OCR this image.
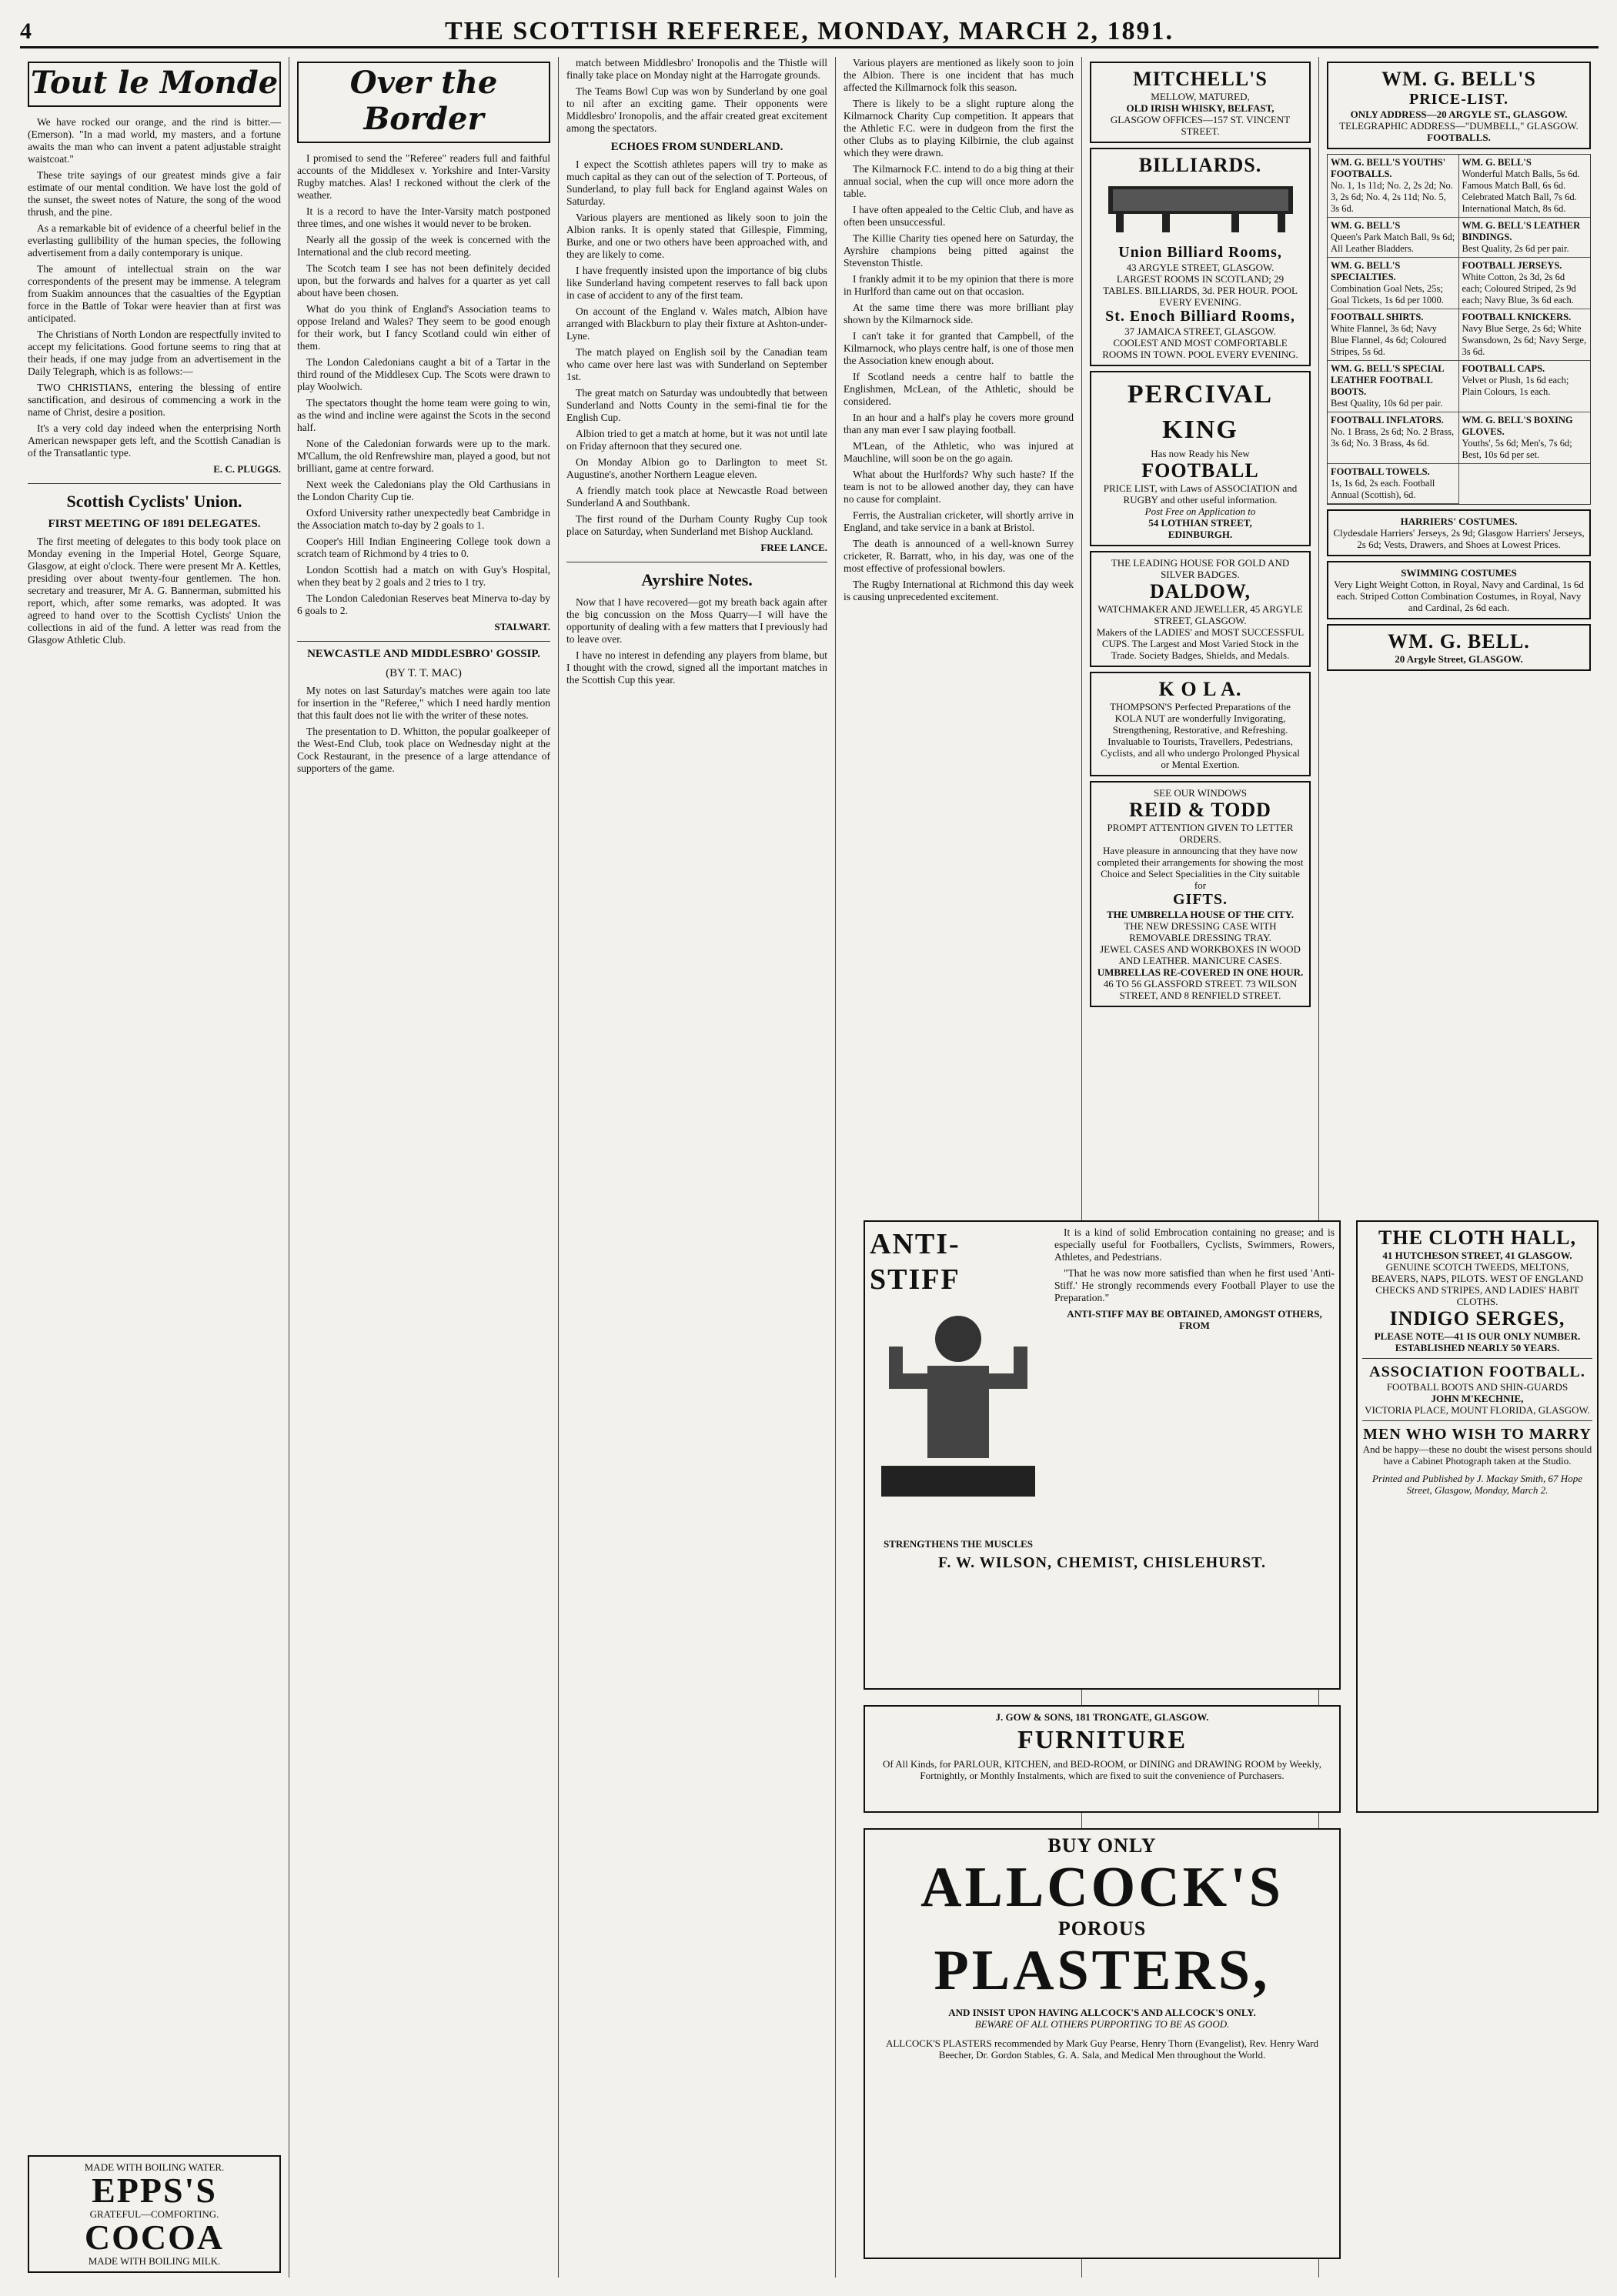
4	THE SCOTTISH REFEREE, MONDAY, MARCH 2, 1891.
Tout le Monde

We have rocked our orange, and the rind is bitter.—(Emerson). "In a mad world, my masters, and a fortune awaits the man who can invent a patent adjustable straight waistcoat."

These trite sayings of our greatest minds give a fair estimate of our mental condition. We have lost the gold of the sunset, the sweet notes of Nature, the song of the wood thrush, and the pine.

As a remarkable bit of evidence of a cheerful belief in the everlasting gullibility of the human species, the following advertisement from a daily contemporary is unique.

The amount of intellectual strain on the war correspondents of the present may be immense. A telegram from Suakim announces that the casualties of the Egyptian force in the Battle of Tokar were heavier than at first was anticipated.

The Christians of North London are respectfully invited to accept my felicitations. Good fortune seems to ring that at their heads, if one may judge from an advertisement in the Daily Telegraph, which is as follows:—

TWO CHRISTIANS, entering the blessing of entire sanctification, and desirous of commencing a work in the name of Christ, desire a position.

It's a very cold day indeed when the enterprising North American newspaper gets left, and the Scottish Canadian is of the Transatlantic type.

E. C. PLUGGS.
Scottish Cyclists' Union.
FIRST MEETING OF 1891 DELEGATES.

The first meeting of delegates to this body took place on Monday evening in the Imperial Hotel, George Square, Glasgow, at eight o'clock. There were present Mr A. Kettles, presiding over about twenty-four gentlemen. The hon. secretary and treasurer, Mr A. G. Bannerman, submitted his report, which, after some remarks, was adopted. It was agreed to hand over to the Scottish Cyclists' Union the collections in aid of the fund. A letter was read from the Glasgow Athletic Club.

MADE WITH BOILING WATER.
EPPS'S
GRATEFUL—COMFORTING.
COCOA
MADE WITH BOILING MILK.
Over the Border

I promised to send the "Referee" readers full and faithful accounts of the Middlesex v. Yorkshire and Inter-Varsity Rugby matches. Alas! I reckoned without the clerk of the weather.

It is a record to have the Inter-Varsity match postponed three times, and one wishes it would never to be broken.

Nearly all the gossip of the week is concerned with the International and the club record meeting.

The Scotch team I see has not been definitely decided upon, but the forwards and halves for a quarter as yet call about have been chosen.

What do you think of England's Association teams to oppose Ireland and Wales? They seem to be good enough for their work, but I fancy Scotland could win either of them.

The London Caledonians caught a bit of a Tartar in the third round of the Middlesex Cup. The Scots were drawn to play Woolwich.

The spectators thought the home team were going to win, as the wind and incline were against the Scots in the second half.

None of the Caledonian forwards were up to the mark. M'Callum, the old Renfrewshire man, played a good, but not brilliant, game at centre forward.

Next week the Caledonians play the Old Carthusians in the London Charity Cup tie.

Oxford University rather unexpectedly beat Cambridge in the Association match to-day by 2 goals to 1.

Cooper's Hill Indian Engineering College took down a scratch team of Richmond by 4 tries to 0.

London Scottish had a match on with Guy's Hospital, when they beat by 2 goals and 2 tries to 1 try.

The London Caledonian Reserves beat Minerva to-day by 6 goals to 2.

STALWART.
NEWCASTLE AND MIDDLESBRO' GOSSIP.
(BY T. T. MAC)

My notes on last Saturday's matches were again too late for insertion in the "Referee," which I need hardly mention that this fault does not lie with the writer of these notes.

The presentation to D. Whitton, the popular goalkeeper of the West-End Club, took place on Wednesday night at the Cock Restaurant, in the presence of a large attendance of supporters of the game.

match between Middlesbro' Ironopolis and the Thistle will finally take place on Monday night at the Harrogate grounds.

The Teams Bowl Cup was won by Sunderland by one goal to nil after an exciting game. Their opponents were Middlesbro' Ironopolis, and the affair created great excitement among the spectators.

ECHOES FROM SUNDERLAND.

I expect the Scottish athletes papers will try to make as much capital as they can out of the selection of T. Porteous, of Sunderland, to play full back for England against Wales on Saturday.

Various players are mentioned as likely soon to join the Albion ranks. It is openly stated that Gillespie, Fimming, Burke, and one or two others have been approached with, and they are likely to come.

I have frequently insisted upon the importance of big clubs like Sunderland having competent reserves to fall back upon in case of accident to any of the first team.

On account of the England v. Wales match, Albion have arranged with Blackburn to play their fixture at Ashton-under-Lyne.

The match played on English soil by the Canadian team who came over here last was with Sunderland on September 1st.

The great match on Saturday was undoubtedly that between Sunderland and Notts County in the semi-final tie for the English Cup.

Albion tried to get a match at home, but it was not until late on Friday afternoon that they secured one.

On Monday Albion go to Darlington to meet St. Augustine's, another Northern League eleven.

A friendly match took place at Newcastle Road between Sunderland A and Southbank.

The first round of the Durham County Rugby Cup took place on Saturday, when Sunderland met Bishop Auckland.

FREE LANCE.
Ayrshire Notes.

Now that I have recovered—got my breath back again after the big concussion on the Moss Quarry—I will have the opportunity of dealing with a few matters that I previously had to leave over.

I have no interest in defending any players from blame, but I thought with the crowd, signed all the important matches in the Scottish Cup this year.

Various players are mentioned as likely soon to join the Albion. There is one incident that has much affected the Killmarnock folk this season.

There is likely to be a slight rupture along the Kilmarnock Charity Cup competition. It appears that the Athletic F.C. were in dudgeon from the first the other Clubs as to playing Kilbirnie, the club against which they were drawn.

The Kilmarnock F.C. intend to do a big thing at their annual social, when the cup will once more adorn the table.

I have often appealed to the Celtic Club, and have as often been unsuccessful.

The Killie Charity ties opened here on Saturday, the Ayrshire champions being pitted against the Stevenston Thistle.

I frankly admit it to be my opinion that there is more in Hurlford than came out on that occasion.

At the same time there was more brilliant play shown by the Kilmarnock side.

I can't take it for granted that Campbell, of the Kilmarnock, who plays centre half, is one of those men the Association knew enough about.

If Scotland needs a centre half to battle the Englishmen, McLean, of the Athletic, should be considered.

In an hour and a half's play he covers more ground than any man ever I saw playing football.

M'Lean, of the Athletic, who was injured at Mauchline, will soon be on the go again.

What about the Hurlfords? Why such haste? If the team is not to be allowed another day, they can have no cause for complaint.

Ferris, the Australian cricketer, will shortly arrive in England, and take service in a bank at Bristol.

The death is announced of a well-known Surrey cricketer, R. Barratt, who, in his day, was one of the most effective of professional bowlers.

The Rugby International at Richmond this day week is causing unprecedented excitement.

MITCHELL'S
MELLOW, MATURED,
OLD IRISH WHISKY, BELFAST,
GLASGOW OFFICES—157 ST. VINCENT STREET.
BILLIARDS.
Union Billiard Rooms,
43 ARGYLE STREET, GLASGOW.
LARGEST ROOMS IN SCOTLAND; 29 TABLES. BILLIARDS, 3d. PER HOUR. POOL EVERY EVENING.
St. Enoch Billiard Rooms,
37 JAMAICA STREET, GLASGOW.
COOLEST AND MOST COMFORTABLE ROOMS IN TOWN. POOL EVERY EVENING.
PERCIVAL KING
Has now Ready his New
FOOTBALL
PRICE LIST, with Laws of ASSOCIATION and RUGBY and other useful information.
Post Free on Application to
54 LOTHIAN STREET,
EDINBURGH.
THE LEADING HOUSE FOR GOLD AND SILVER BADGES.
DALDOW,
WATCHMAKER AND JEWELLER, 45 ARGYLE STREET, GLASGOW.
Makers of the LADIES' and MOST SUCCESSFUL CUPS. The Largest and Most Varied Stock in the Trade. Society Badges, Shields, and Medals.
K O L A.
THOMPSON'S Perfected Preparations of the KOLA NUT are wonderfully Invigorating, Strengthening, Restorative, and Refreshing. Invaluable to Tourists, Travellers, Pedestrians, Cyclists, and all who undergo Prolonged Physical or Mental Exertion.
SEE OUR WINDOWS
REID & TODD
PROMPT ATTENTION GIVEN TO LETTER ORDERS.
Have pleasure in announcing that they have now completed their arrangements for showing the most Choice and Select Specialities in the City suitable for
GIFTS.
THE UMBRELLA HOUSE OF THE CITY.
THE NEW DRESSING CASE WITH REMOVABLE DRESSING TRAY.
JEWEL CASES AND WORKBOXES IN WOOD AND LEATHER. MANICURE CASES.
UMBRELLAS RE-COVERED IN ONE HOUR.
46 TO 56 GLASSFORD STREET. 73 WILSON STREET, AND 8 RENFIELD STREET.
WM. G. BELL'S
PRICE-LIST.
ONLY ADDRESS—20 ARGYLE ST., GLASGOW.
TELEGRAPHIC ADDRESS—"DUMBELL," GLASGOW.
FOOTBALLS.
WM. G. BELL'S YOUTHS' FOOTBALLS.
No. 1, 1s 11d; No. 2, 2s 2d; No. 3, 2s 6d; No. 4, 2s 11d; No. 5, 3s 6d.
WM. G. BELL'S
Wonderful Match Balls, 5s 6d. Famous Match Ball, 6s 6d. Celebrated Match Ball, 7s 6d. International Match, 8s 6d.
WM. G. BELL'S
Queen's Park Match Ball, 9s 6d; All Leather Bladders.
WM. G. BELL'S LEATHER BINDINGS.
Best Quality, 2s 6d per pair.
WM. G. BELL'S SPECIALTIES.
Combination Goal Nets, 25s; Goal Tickets, 1s 6d per 1000.
FOOTBALL JERSEYS.
White Cotton, 2s 3d, 2s 6d each; Coloured Striped, 2s 9d each; Navy Blue, 3s 6d each.
FOOTBALL SHIRTS.
White Flannel, 3s 6d; Navy Blue Flannel, 4s 6d; Coloured Stripes, 5s 6d.
FOOTBALL KNICKERS.
Navy Blue Serge, 2s 6d; White Swansdown, 2s 6d; Navy Serge, 3s 6d.
WM. G. BELL'S SPECIAL LEATHER FOOTBALL BOOTS.
Best Quality, 10s 6d per pair.
FOOTBALL CAPS.
Velvet or Plush, 1s 6d each; Plain Colours, 1s each.
FOOTBALL INFLATORS.
No. 1 Brass, 2s 6d; No. 2 Brass, 3s 6d; No. 3 Brass, 4s 6d.
WM. G. BELL'S BOXING GLOVES.
Youths', 5s 6d; Men's, 7s 6d; Best, 10s 6d per set.
FOOTBALL TOWELS.
1s, 1s 6d, 2s each. Football Annual (Scottish), 6d.
HARRIERS' COSTUMES.
Clydesdale Harriers' Jerseys, 2s 9d; Glasgow Harriers' Jerseys, 2s 6d; Vests, Drawers, and Shoes at Lowest Prices.
SWIMMING COSTUMES
Very Light Weight Cotton, in Royal, Navy and Cardinal, 1s 6d each. Striped Cotton Combination Costumes, in Royal, Navy and Cardinal, 2s 6d each.
WM. G. BELL.
20 Argyle Street, GLASGOW.
ANTI-STIFF
STRENGTHENS THE MUSCLES

It is a kind of solid Embrocation containing no grease; and is especially useful for Footballers, Cyclists, Swimmers, Rowers, Athletes, and Pedestrians.

"That he was now more satisfied than when he first used 'Anti-Stiff.' He strongly recommends every Football Player to use the Preparation."

ANTI-STIFF MAY BE OBTAINED, AMONGST OTHERS, FROM
F. W. WILSON, CHEMIST, CHISLEHURST.
J. GOW & SONS, 181 TRONGATE, GLASGOW.
FURNITURE
Of All Kinds, for PARLOUR, KITCHEN, and BED-ROOM, or DINING and DRAWING ROOM by Weekly, Fortnightly, or Monthly Instalments, which are fixed to suit the convenience of Purchasers.
BUY ONLY
ALLCOCK'S
POROUS
PLASTERS,
AND INSIST UPON HAVING ALLCOCK'S AND ALLCOCK'S ONLY.
BEWARE OF ALL OTHERS PURPORTING TO BE AS GOOD.
ALLCOCK'S PLASTERS recommended by Mark Guy Pearse, Henry Thorn (Evangelist), Rev. Henry Ward Beecher, Dr. Gordon Stables, G. A. Sala, and Medical Men throughout the World.
THE CLOTH HALL,
41 HUTCHESON STREET, 41 GLASGOW.
GENUINE SCOTCH TWEEDS, MELTONS, BEAVERS, NAPS, PILOTS. WEST OF ENGLAND CHECKS AND STRIPES, AND LADIES' HABIT CLOTHS.
INDIGO SERGES,
PLEASE NOTE—41 IS OUR ONLY NUMBER. ESTABLISHED NEARLY 50 YEARS.
ASSOCIATION FOOTBALL.
FOOTBALL BOOTS AND SHIN-GUARDS
JOHN M'KECHNIE,
VICTORIA PLACE, MOUNT FLORIDA, GLASGOW.
MEN WHO WISH TO MARRY
And be happy—these no doubt the wisest persons should have a Cabinet Photograph taken at the Studio.
Printed and Published by J. Mackay Smith, 67 Hope Street, Glasgow, Monday, March 2.
